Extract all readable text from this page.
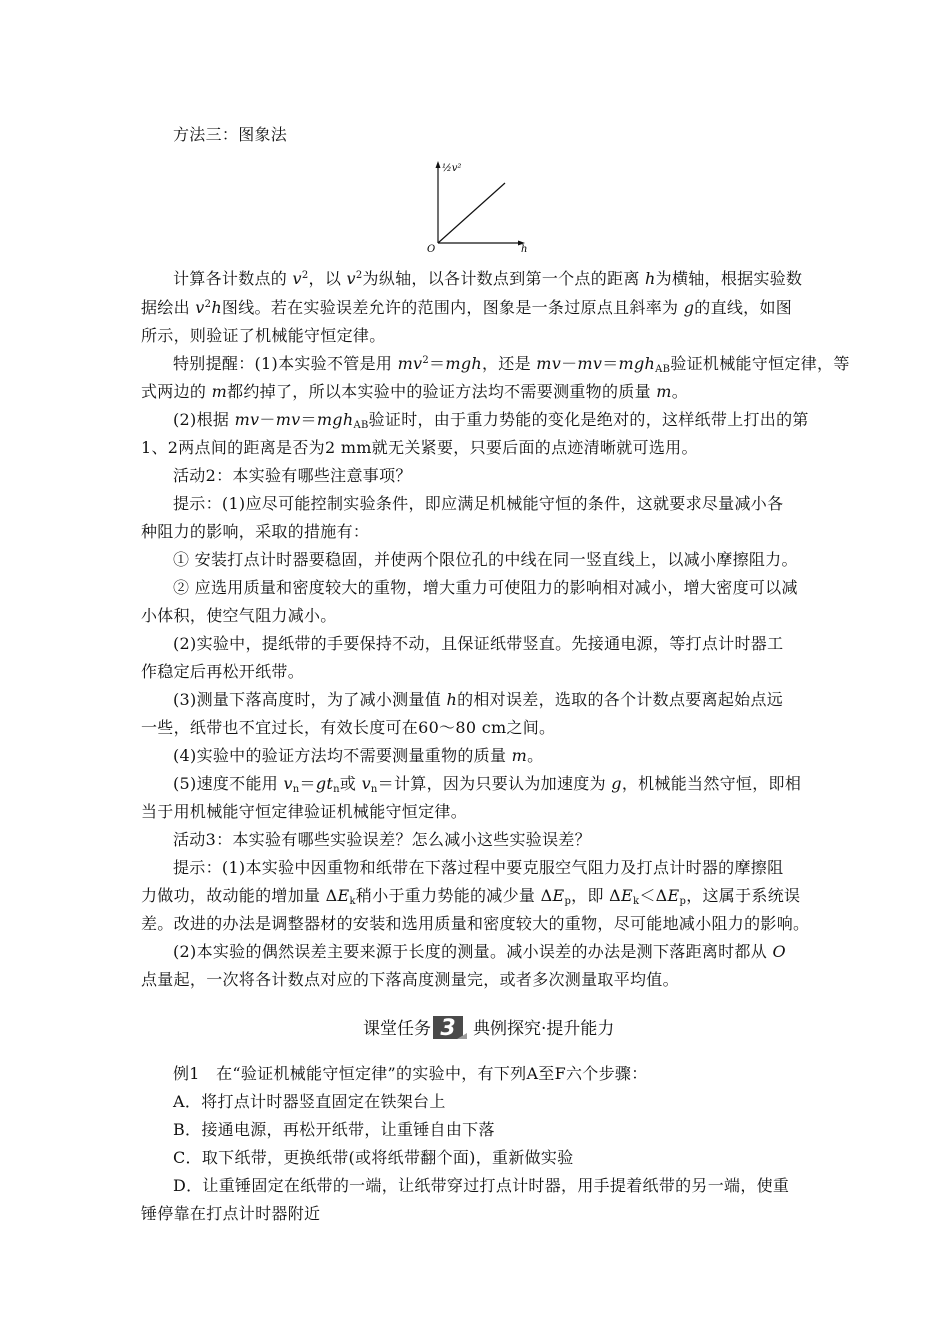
方法三：图象法
½v²
O	h
计算各计数点的 $v^2$，以 $v^2$为纵轴，以各计数点到第一个点的距离 h为横轴，根据实验数
据绘出 $v^2h$图线。若在实验误差允许的范围内，图象是一条过原点且斜率为 g的直线，如图
所示，则验证了机械能守恒定律。
特别提醒：(1)本实验不管是用 $mv^2=mgh$，还是 mv－mv＝mgh$_{AB}$验证机械能守恒定律，等
式两边的 m都约掉了，所以本实验中的验证方法均不需要测重物的质量 m。
(2)根据 mv－mv＝mgh$_{AB}$验证时，由于重力势能的变化是绝对的，这样纸带上打出的第
1、2两点间的距离是否为2 mm就无关紧要，只要后面的点迹清晰就可选用。
活动2：本实验有哪些注意事项？
提示：(1)应尽可能控制实验条件，即应满足机械能守恒的条件，这就要求尽量减小各
种阻力的影响，采取的措施有：
① 安装打点计时器要稳固，并使两个限位孔的中线在同一竖直线上，以减小摩擦阻力。
② 应选用质量和密度较大的重物，增大重力可使阻力的影响相对减小，增大密度可以减
小体积，使空气阻力减小。
(2)实验中，提纸带的手要保持不动，且保证纸带竖直。先接通电源，等打点计时器工
作稳定后再松开纸带。
(3)测量下落高度时，为了减小测量值 h的相对误差，选取的各个计数点要离起始点远
一些，纸带也不宜过长，有效长度可在60～80 cm之间。
(4)实验中的验证方法均不需要测量重物的质量 m。
(5)速度不能用 $v_n=gt_n$或 $v_n=$计算，因为只要认为加速度为 g，机械能当然守恒，即相
当于用机械能守恒定律验证机械能守恒定律。
活动3：本实验有哪些实验误差？怎么减小这些实验误差？
提示：(1)本实验中因重物和纸带在下落过程中要克服空气阻力及打点计时器的摩擦阻
力做功，故动能的增加量 $\Delta E_k$稍小于重力势能的减少量 $\Delta E_p$，即 $\Delta E_k<\Delta E_p$，这属于系统误
差。改进的办法是调整器材的安装和选用质量和密度较大的重物，尽可能地减小阻力的影响。
(2)本实验的偶然误差主要来源于长度的测量。减小误差的办法是测下落距离时都从 O
点量起，一次将各计数点对应的下落高度测量完，或者多次测量取平均值。
课堂任务 3 典例探究·提升能力
例1　在“验证机械能守恒定律”的实验中，有下列A至F六个步骤：
A．将打点计时器竖直固定在铁架台上
B．接通电源，再松开纸带，让重锤自由下落
C．取下纸带，更换纸带(或将纸带翻个面)，重新做实验
D．让重锤固定在纸带的一端，让纸带穿过打点计时器，用手提着纸带的另一端，使重
锤停靠在打点计时器附近
